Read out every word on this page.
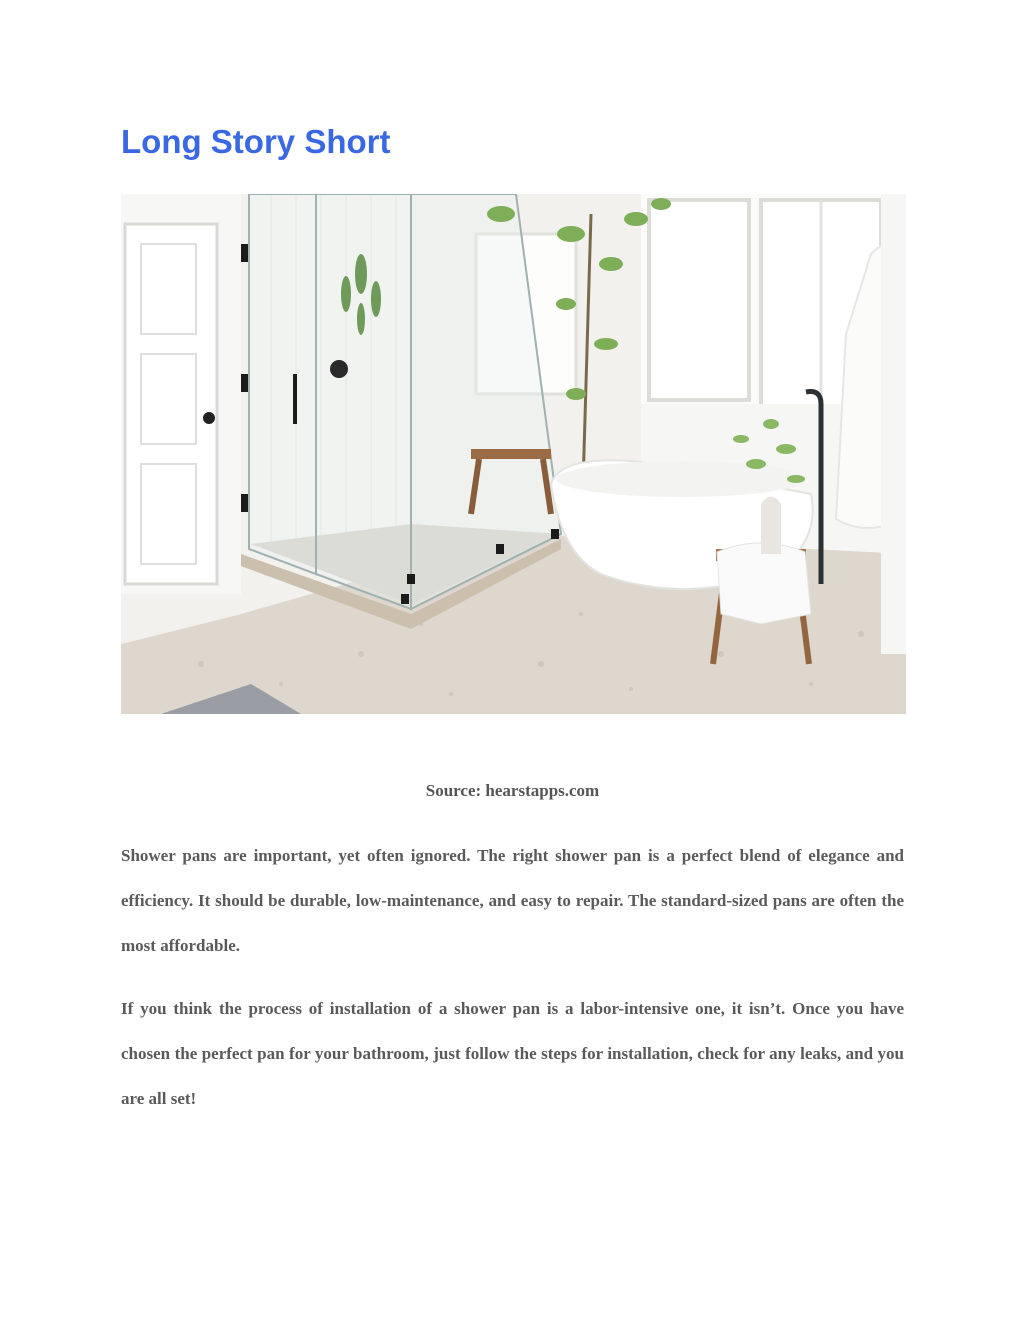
Long Story Short
Source: hearstapps.com

Shower pans are important, yet often ignored. The right shower pan is a perfect blend of elegance and efficiency. It should be durable, low-maintenance, and easy to repair. The standard-sized pans are often the most affordable.

If you think the process of installation of a shower pan is a labor-intensive one, it isn’t. Once you have chosen the perfect pan for your bathroom, just follow the steps for installation, check for any leaks, and you are all set!
